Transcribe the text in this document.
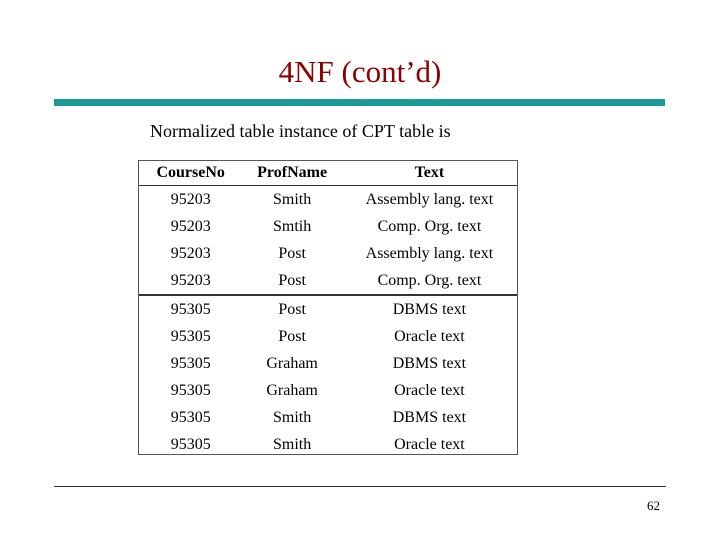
4NF (cont’d)
Normalized table instance of CPT table is
CourseNo	ProfName	Text
95203	Smith	Assembly lang. text
95203	Smtih	Comp. Org. text
95203	Post	Assembly lang. text
95203	Post	Comp. Org. text
95305	Post	DBMS text
95305	Post	Oracle text
95305	Graham	DBMS text
95305	Graham	Oracle text
95305	Smith	DBMS text
95305	Smith	Oracle text
62
